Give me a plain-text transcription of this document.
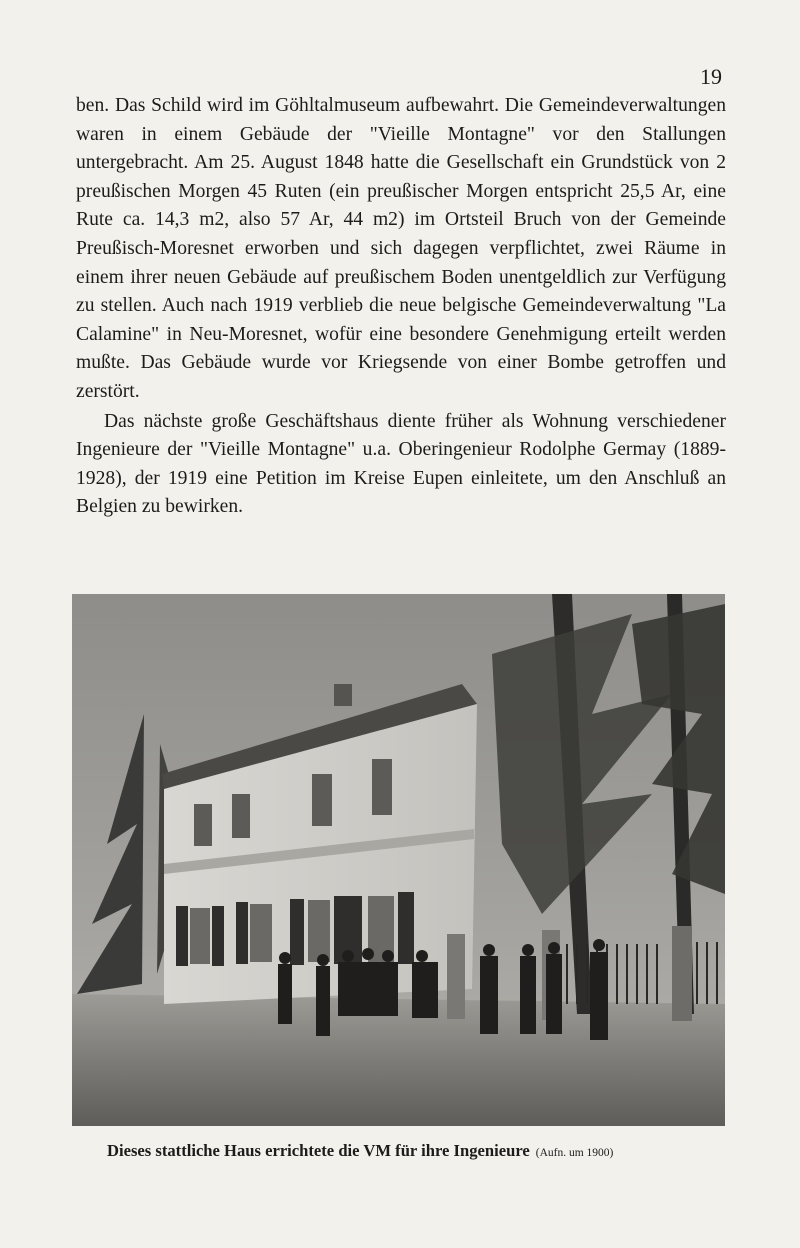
19

ben. Das Schild wird im Göhltalmuseum aufbewahrt. Die Gemeindeverwaltungen waren in einem Gebäude der "Vieille Montagne" vor den Stallungen untergebracht. Am 25. August 1848 hatte die Gesellschaft ein Grundstück von 2 preußischen Morgen 45 Ruten (ein preußischer Morgen entspricht 25,5 Ar, eine Rute ca. 14,3 m2, also 57 Ar, 44 m2) im Ortsteil Bruch von der Gemeinde Preußisch-Moresnet erworben und sich dagegen verpflichtet, zwei Räume in einem ihrer neuen Gebäude auf preußischem Boden unentgeldlich zur Verfügung zu stellen. Auch nach 1919 verblieb die neue belgische Gemeindeverwaltung "La Calamine" in Neu-Moresnet, wofür eine besondere Genehmigung erteilt werden mußte. Das Gebäude wurde vor Kriegsende von einer Bombe getroffen und zerstört.

Das nächste große Geschäftshaus diente früher als Wohnung verschiedener Ingenieure der "Vieille Montagne" u.a. Oberingenieur Rodolphe Germay (1889-1928), der 1919 eine Petition im Kreise Eupen einleitete, um den Anschluß an Belgien zu bewirken.

Dieses stattliche Haus errichtete die VM für ihre Ingenieure (Aufn. um 1900)
